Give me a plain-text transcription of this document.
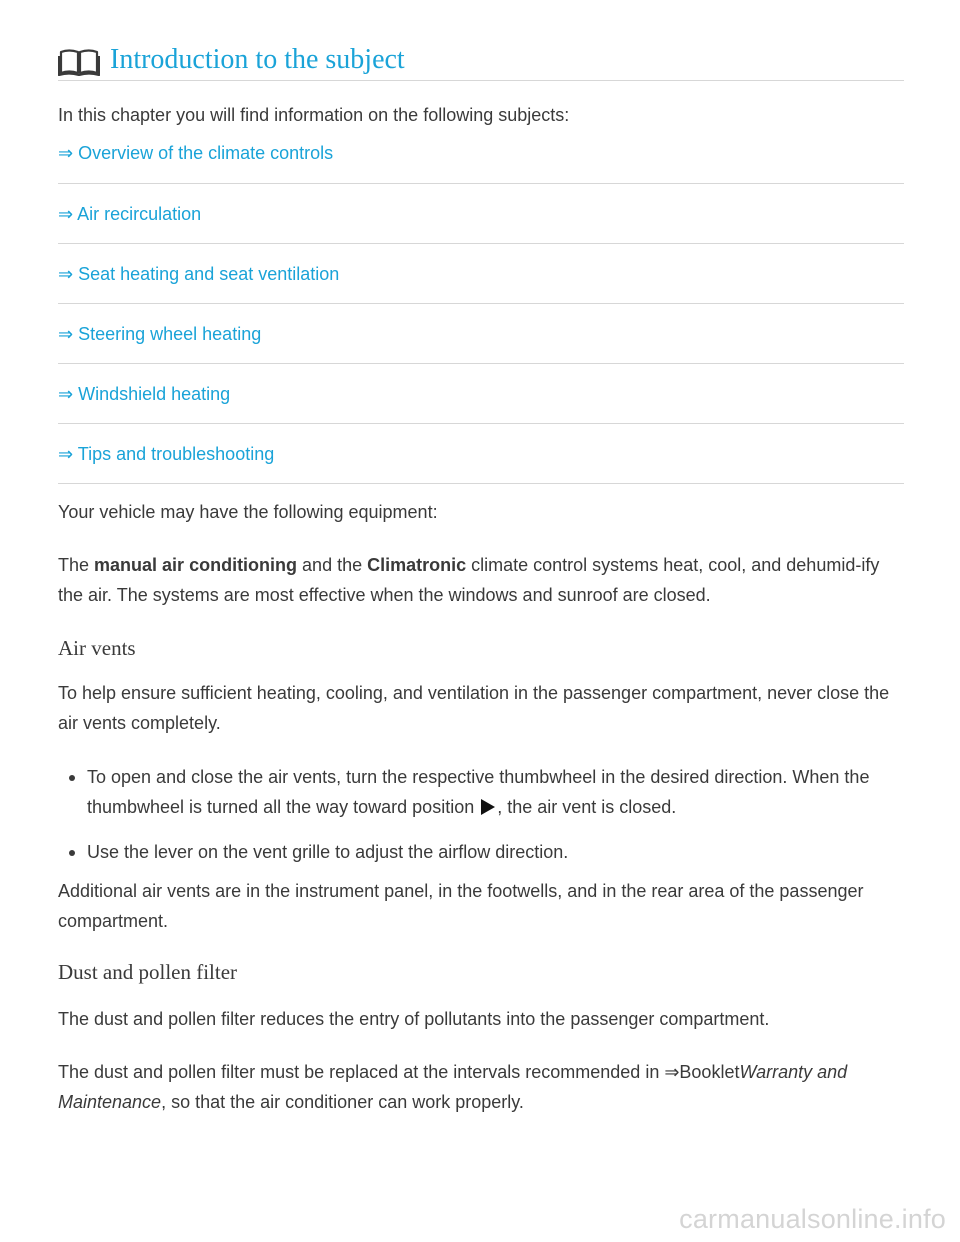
Introduction to the subject
In this chapter you will find information on the following subjects:
⇒ Overview of the climate controls
⇒ Air recirculation
⇒ Seat heating and seat ventilation
⇒ Steering wheel heating
⇒ Windshield heating
⇒ Tips and troubleshooting
Your vehicle may have the following equipment:
The manual air conditioning and the Climatronic climate control systems heat, cool, and dehumid-ify the air. The systems are most effective when the windows and sunroof are closed.
Air vents
To help ensure sufficient heating, cooling, and ventilation in the passenger compartment, never close the air vents completely.
To open and close the air vents, turn the respective thumbwheel in the desired direction. When the thumbwheel is turned all the way toward position , the air vent is closed.
Use the lever on the vent grille to adjust the airflow direction.
Additional air vents are in the instrument panel, in the footwells, and in the rear area of the passenger compartment.
Dust and pollen filter
The dust and pollen filter reduces the entry of pollutants into the passenger compartment.
The dust and pollen filter must be replaced at the intervals recommended in ⇒BookletWarranty and Maintenance, so that the air conditioner can work properly.
carmanualsonline.info
